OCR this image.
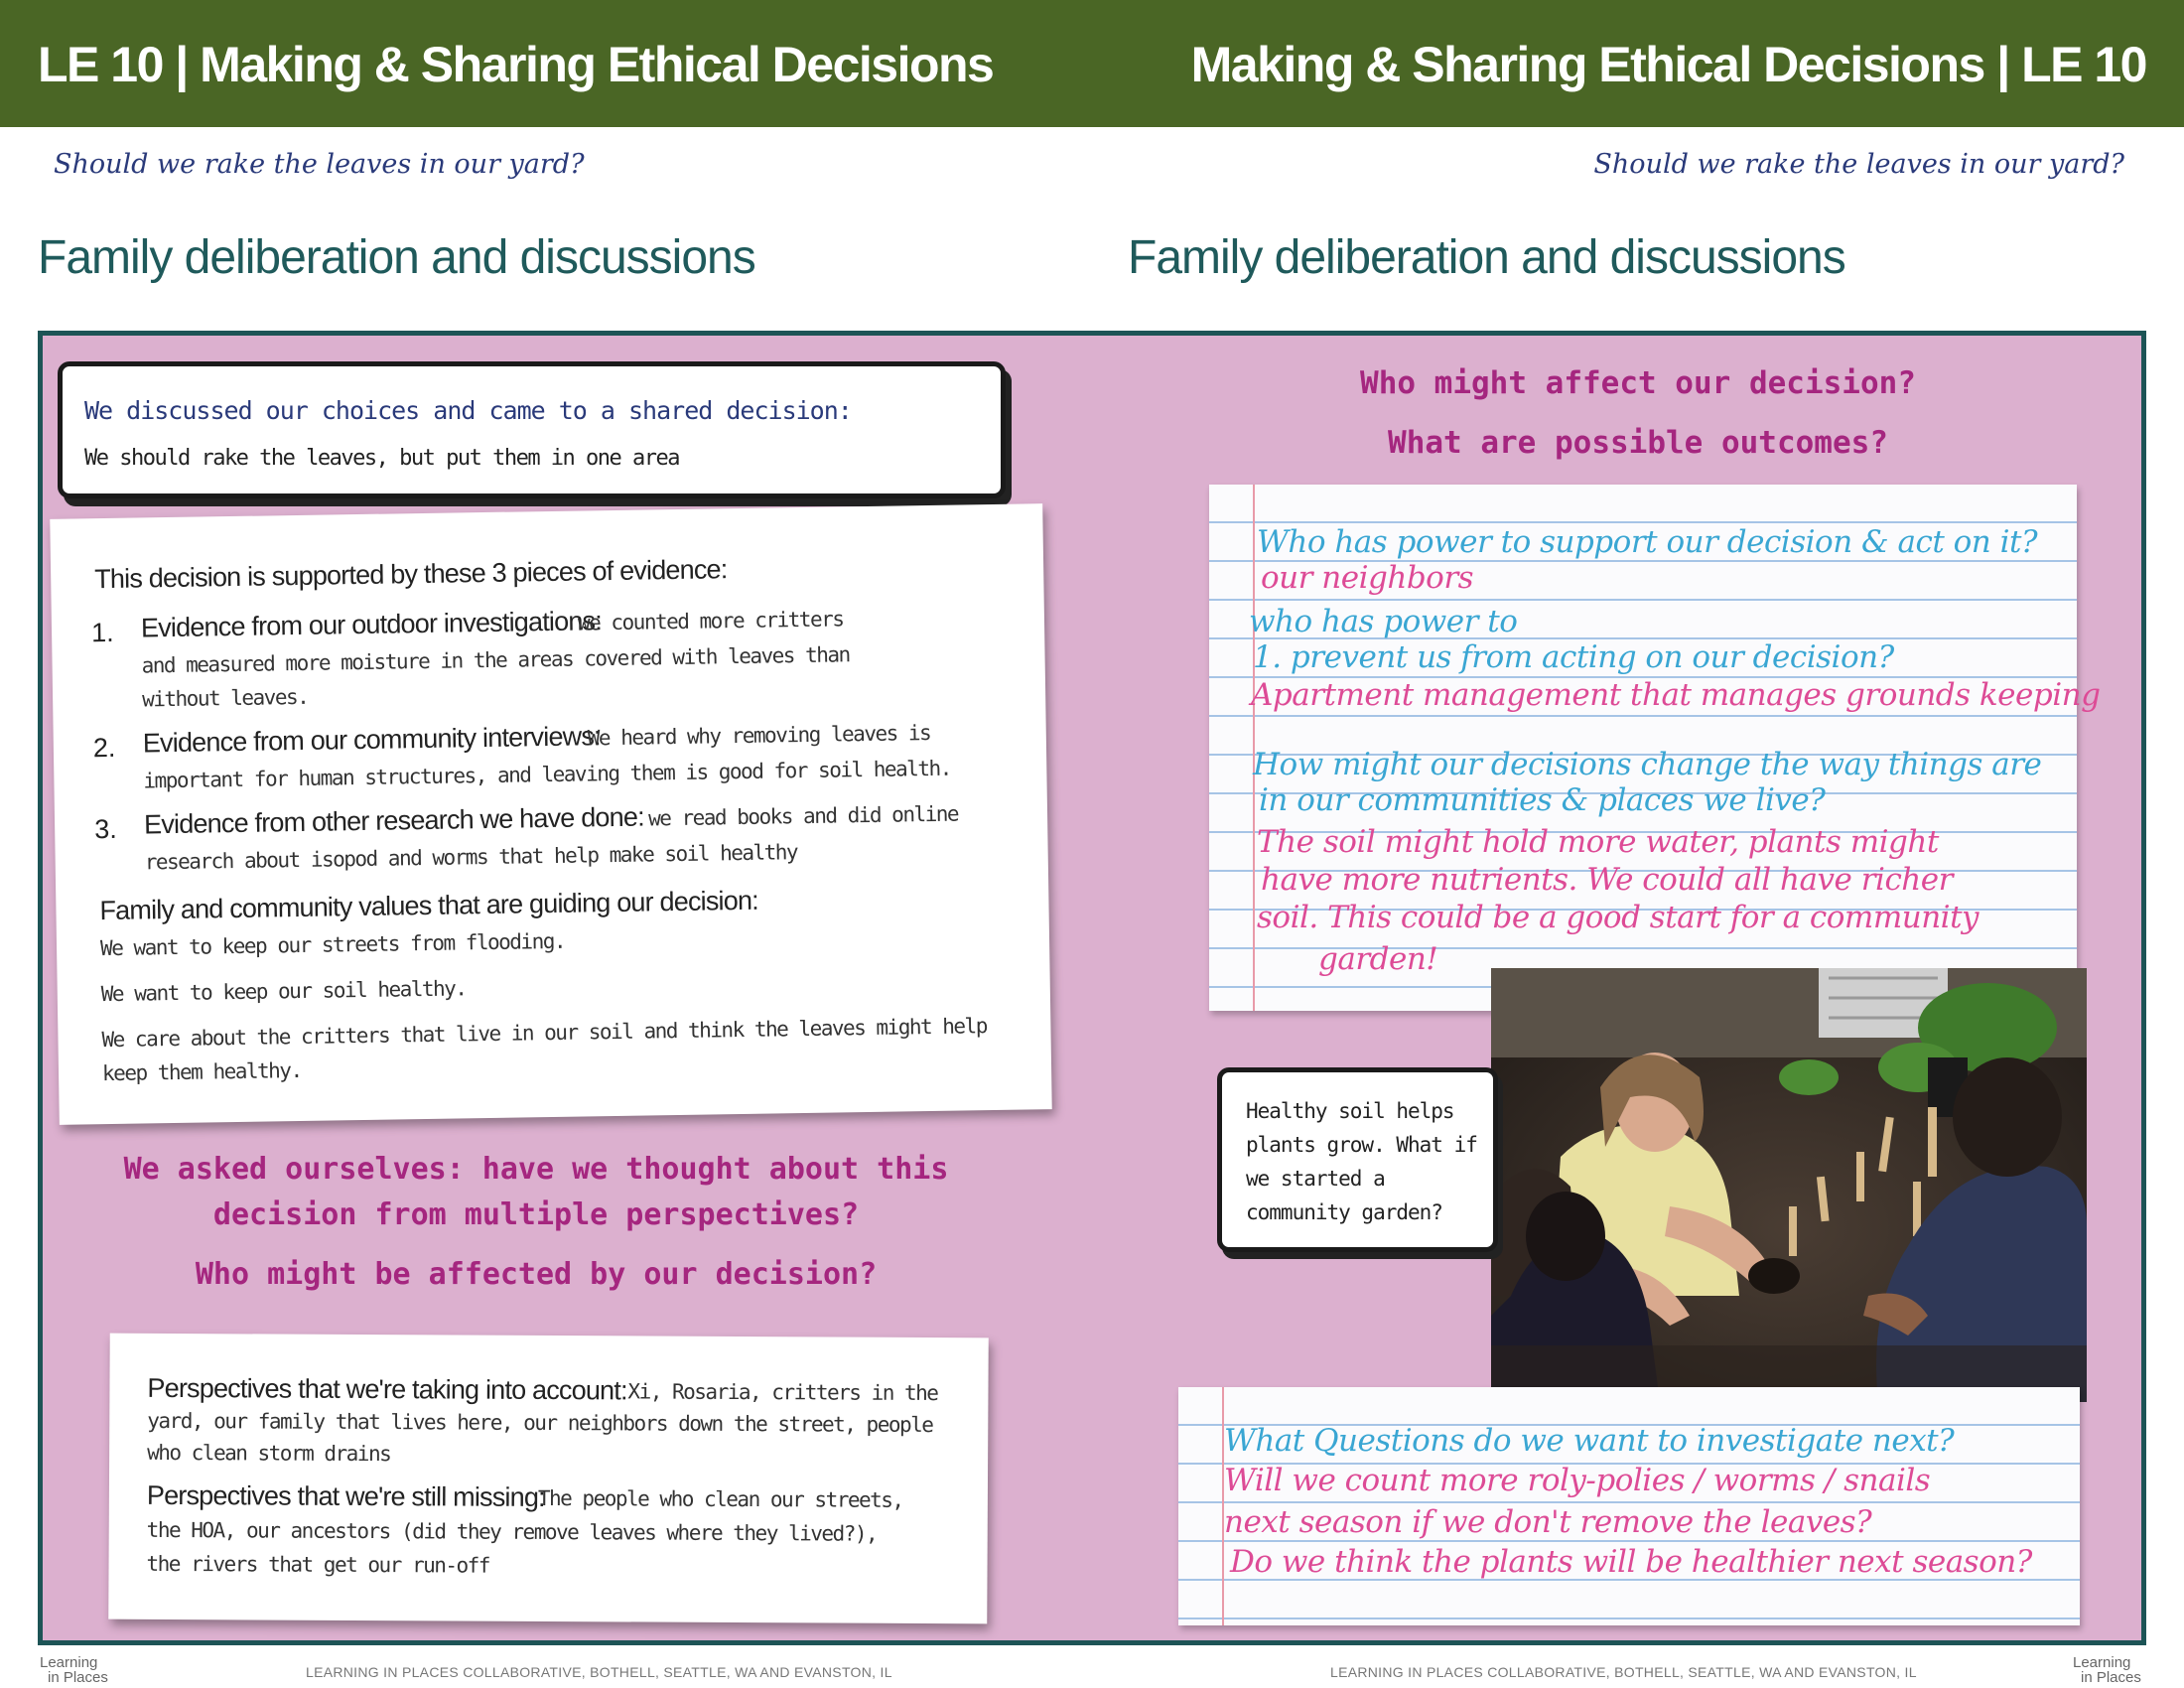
LE 10 | Making & Sharing Ethical Decisions	Making & Sharing Ethical Decisions | LE 10
Should we rake the leaves in our yard?	Should we rake the leaves in our yard?
Family deliberation and discussions	Family deliberation and discussions
We discussed our choices and came to a shared decision:
We should rake the leaves, but put them in one area
This decision is supported by these 3 pieces of evidence:
1. Evidence from our outdoor investigations:
we counted more critters
and measured more moisture in the areas covered with leaves than
without leaves.
2. Evidence from our community interviews:
We heard why removing leaves is
important for human structures, and leaving them is good for soil health.
3. Evidence from other research we have done: we read books and did online
research about isopod and worms that help make soil healthy
Family and community values that are guiding our decision:
We want to keep our streets from flooding.
We want to keep our soil healthy.
We care about the critters that live in our soil and think the leaves might help
keep them healthy.
We asked ourselves: have we thought about this
decision from multiple perspectives?
Who might be affected by our decision?
Perspectives that we're taking into account: Xi, Rosaria, critters in the
yard, our family that lives here, our neighbors down the street, people
who clean storm drains
Perspectives that we're still missing:
The people who clean our streets,
the HOA, our ancestors (did they remove leaves where they lived?),
the rivers that get our run-off
Who might affect our decision?
What are possible outcomes?
Who has power to support our decision & act on it?
our neighbors
who has power to
1. prevent us from acting on our decision?
Apartment management that manages grounds keeping
How might our decisions change the way things are
in our communities & places we live?
The soil might hold more water, plants might
have more nutrients. We could all have richer
soil. This could be a good start for a community
garden!
Healthy soil helps plants grow. What if we started a community garden?
What Questions do we want to investigate next?
Will we count more roly-polies / worms / snails
next season if we don't remove the leaves?
Do we think the plants will be healthier next season?
Learning
in Places	LEARNING IN PLACES COLLABORATIVE, BOTHELL, SEATTLE, WA AND EVANSTON, IL	LEARNING IN PLACES COLLABORATIVE, BOTHELL, SEATTLE, WA AND EVANSTON, IL
Learning
in Places
